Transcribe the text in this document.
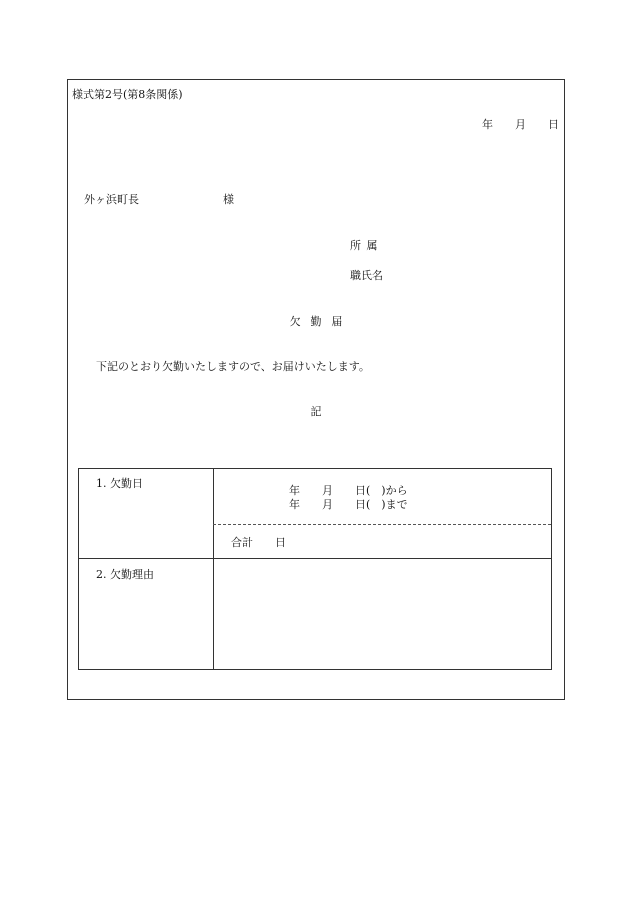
様式第2号(第8条関係)
年　　月　　日
外ヶ浜町長	様
所属
職氏名
欠勤届
下記のとおり欠勤いたしますので、お届けいたします。
記
1. 欠勤日
年　　月　　日(　)から
年　　月　　日(　)まで
合計　　日
2. 欠勤理由
